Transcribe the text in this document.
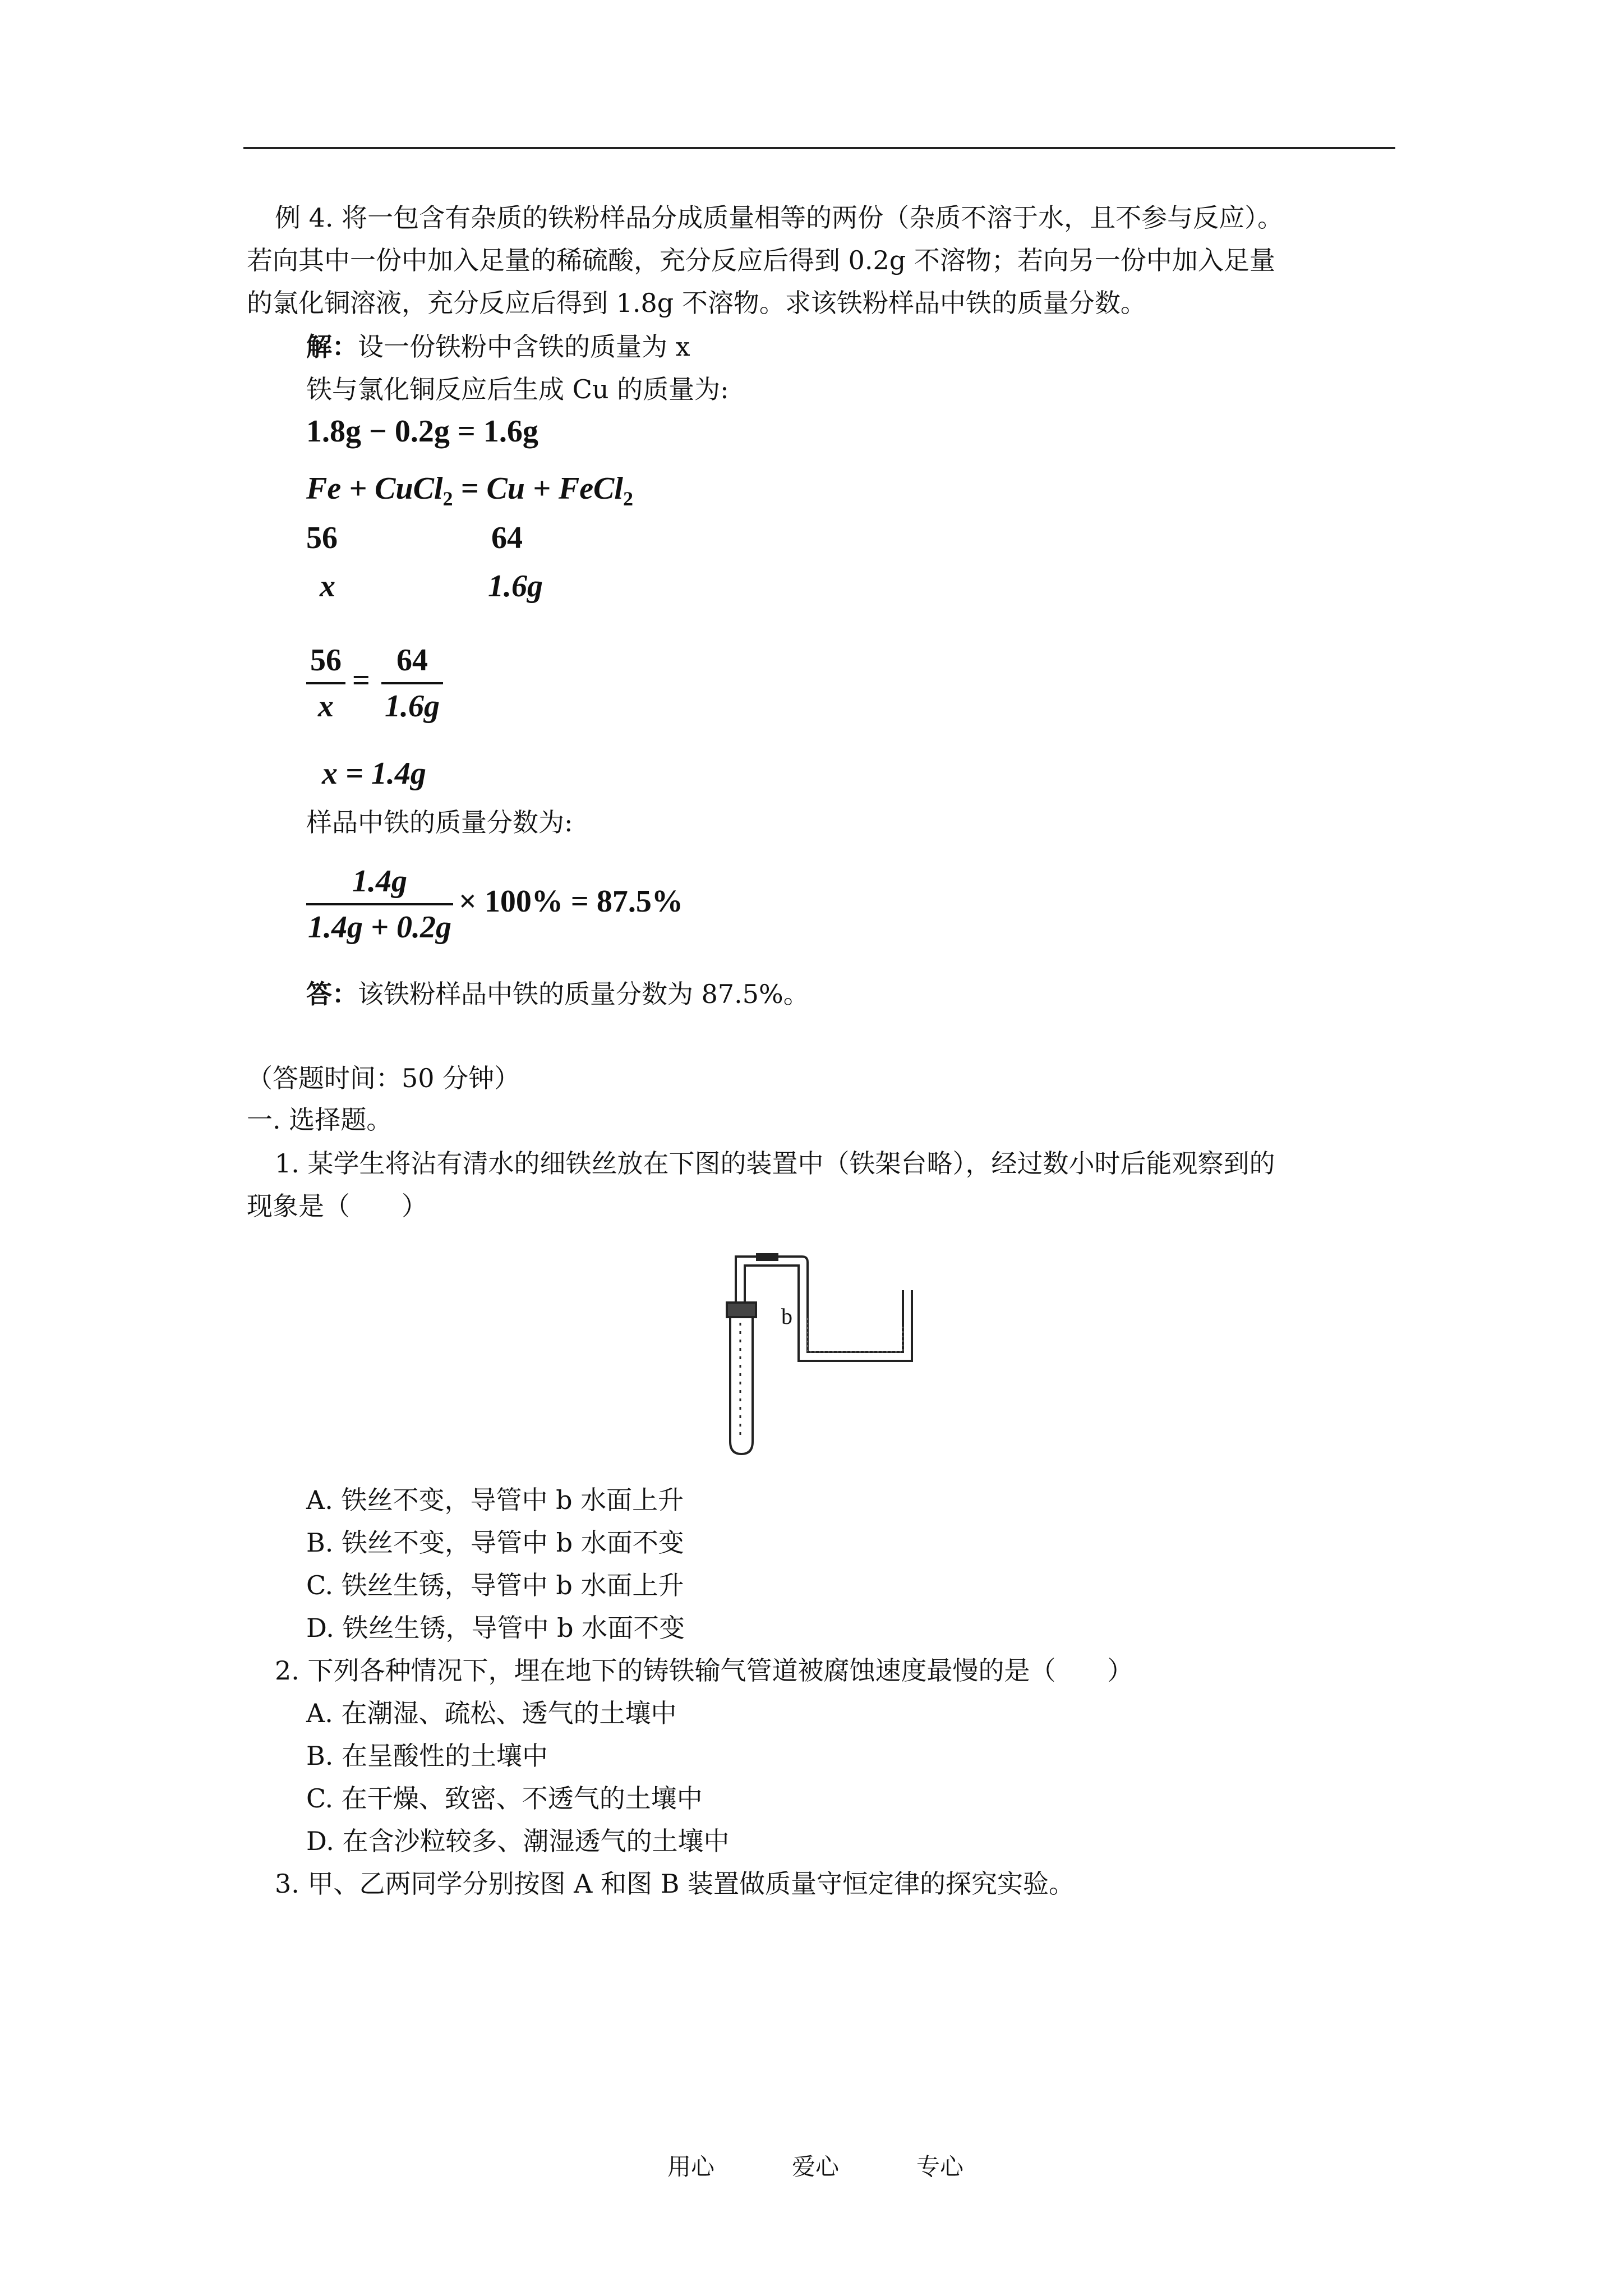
例 4. 将一包含有杂质的铁粉样品分成质量相等的两份（杂质不溶于水，且不参与反应）。
若向其中一份中加入足量的稀硫酸，充分反应后得到 0.2g 不溶物；若向另一份中加入足量
的氯化铜溶液，充分反应后得到 1.8g 不溶物。求该铁粉样品中铁的质量分数。
解：设一份铁粉中含铁的质量为 x
铁与氯化铜反应后生成 Cu 的质量为:
1.8g − 0.2g = 1.6g
Fe + CuCl$_2$ = Cu + FeCl$_2$
56	64
x	1.6g
56
x
=
64
1.6g
x = 1.4g
样品中铁的质量分数为:
1.4g
1.4g + 0.2g
× 100% = 87.5%
答：该铁粉样品中铁的质量分数为 87.5%。
（答题时间：50 分钟）
一. 选择题。
1. 某学生将沾有清水的细铁丝放在下图的装置中（铁架台略），经过数小时后能观察到的
现象是（　　）
b
A. 铁丝不变，导管中 b 水面上升
B. 铁丝不变，导管中 b 水面不变
C. 铁丝生锈，导管中 b 水面上升
D. 铁丝生锈，导管中 b 水面不变
2. 下列各种情况下，埋在地下的铸铁输气管道被腐蚀速度最慢的是（　　）
A. 在潮湿、疏松、透气的土壤中
B. 在呈酸性的土壤中
C. 在干燥、致密、不透气的土壤中
D. 在含沙粒较多、潮湿透气的土壤中
3. 甲、乙两同学分别按图 A 和图 B 装置做质量守恒定律的探究实验。
用心	爱心	专心
